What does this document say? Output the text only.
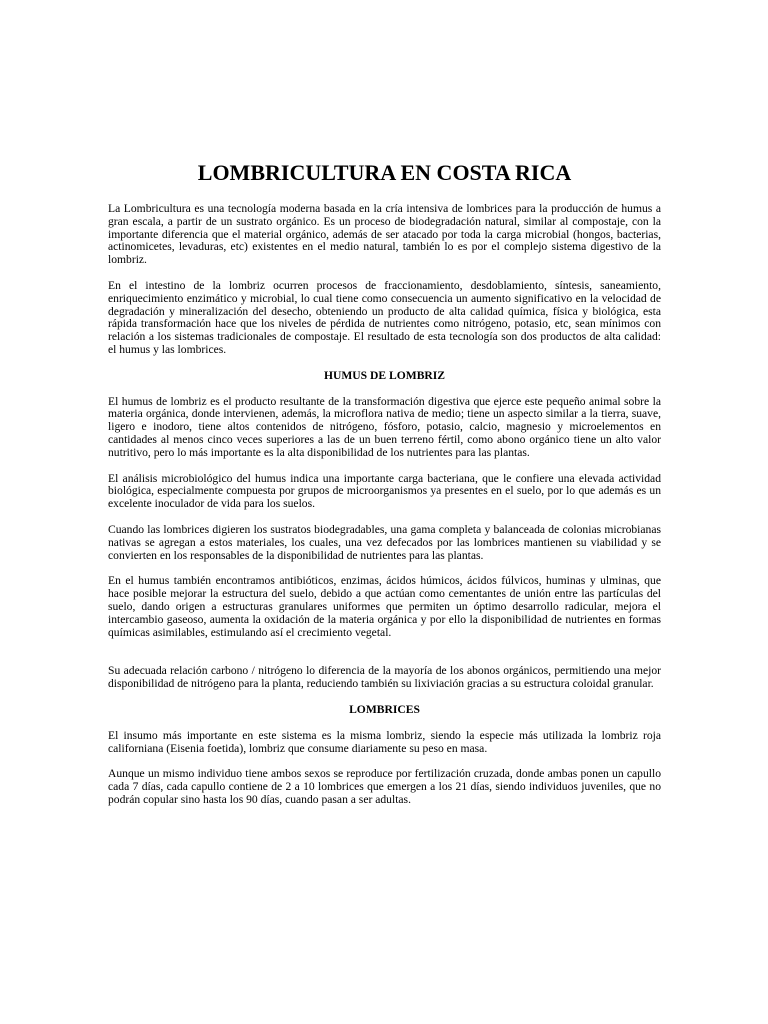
LOMBRICULTURA EN COSTA RICA

La Lombricultura es una tecnología moderna basada en la cría intensiva de lombrices para la producción de humus a gran escala, a partir de un sustrato orgánico. Es un proceso de biodegradación natural, similar al compostaje, con la importante diferencia que el material orgánico, además de ser atacado por toda la carga microbial (hongos, bacterias, actinomicetes, levaduras, etc) existentes en el medio natural, también lo es por el complejo sistema digestivo de la lombriz.

En el intestino de la lombriz ocurren procesos de fraccionamiento, desdoblamiento, síntesis, saneamiento, enriquecimiento enzimático y microbial, lo cual tiene como consecuencia un aumento significativo en la velocidad de degradación y mineralización del desecho, obteniendo un producto de alta calidad química, física y biológica, esta rápida transformación hace que los niveles de pérdida de nutrientes como nitrógeno, potasio, etc, sean mínimos con relación a los sistemas tradicionales de compostaje. El resultado de esta tecnología son dos productos de alta calidad: el humus y las lombrices.

HUMUS DE LOMBRIZ

El humus de lombriz es el producto resultante de la transformación digestiva que ejerce este pequeño animal sobre la materia orgánica, donde intervienen, además, la microflora nativa de medio; tiene un aspecto similar a la tierra, suave, ligero e inodoro, tiene altos contenidos de nitrógeno, fósforo, potasio, calcio, magnesio y microelementos en cantidades al menos cinco veces superiores a las de un buen terreno fértil, como abono orgánico tiene un alto valor nutritivo, pero lo más importante es la alta disponibilidad de los nutrientes para las plantas.

El análisis microbiológico del humus indica una importante carga bacteriana, que le confiere una elevada actividad biológica, especialmente compuesta por grupos de microorganismos ya presentes en el suelo, por lo que además es un excelente inoculador de vida para los suelos.

Cuando las lombrices digieren los sustratos biodegradables, una gama completa y balanceada de colonias microbianas nativas se agregan a estos materiales, los cuales, una vez defecados por las lombrices mantienen su viabilidad y se convierten en los responsables de la disponibilidad de nutrientes para las plantas.

En el humus también encontramos antibióticos, enzimas, ácidos húmicos, ácidos fúlvicos, huminas y ulminas, que hace posible mejorar la estructura del suelo, debido a que actúan como cementantes de unión entre las partículas del suelo, dando origen a estructuras granulares uniformes que permiten un óptimo desarrollo radicular, mejora el intercambio gaseoso, aumenta la oxidación de la materia orgánica y por ello la disponibilidad de nutrientes en formas químicas asimilables, estimulando así el crecimiento vegetal.

Su adecuada relación carbono / nitrógeno lo diferencia de la mayoría de los abonos orgánicos, permitiendo una mejor disponibilidad de nitrógeno para la planta, reduciendo también su lixiviación gracias a su estructura coloidal granular.

LOMBRICES

El insumo más importante en este sistema es la misma lombriz, siendo la especie más utilizada la lombriz roja californiana (Eisenia foetida), lombriz que consume diariamente su peso en masa.

Aunque un mismo individuo tiene ambos sexos se reproduce por fertilización cruzada, donde ambas ponen un capullo cada 7 días, cada capullo contiene de 2 a 10 lombrices que emergen a los 21 días, siendo individuos juveniles, que no podrán copular sino hasta los 90 días, cuando pasan a ser adultas.
